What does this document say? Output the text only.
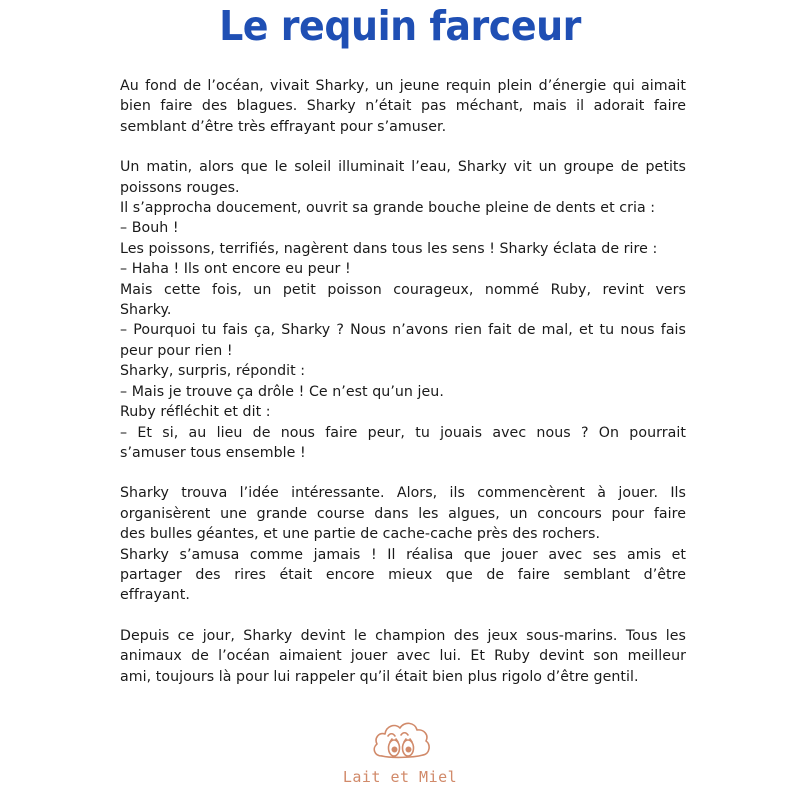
Le requin farceur
Au fond de l’océan, vivait Sharky, un jeune requin plein d’énergie qui aimait
bien faire des blagues. Sharky n’était pas méchant, mais il adorait faire
semblant d’être très effrayant pour s’amuser.
Un matin, alors que le soleil illuminait l’eau, Sharky vit un groupe de petits
poissons rouges.
Il s’approcha doucement, ouvrit sa grande bouche pleine de dents et cria :
– Bouh !
Les poissons, terrifiés, nagèrent dans tous les sens ! Sharky éclata de rire :
– Haha ! Ils ont encore eu peur !
Mais cette fois, un petit poisson courageux, nommé Ruby, revint vers
Sharky.
– Pourquoi tu fais ça, Sharky ? Nous n’avons rien fait de mal, et tu nous fais
peur pour rien !
Sharky, surpris, répondit :
– Mais je trouve ça drôle ! Ce n’est qu’un jeu.
Ruby réfléchit et dit :
– Et si, au lieu de nous faire peur, tu jouais avec nous ? On pourrait
s’amuser tous ensemble !
Sharky trouva l’idée intéressante. Alors, ils commencèrent à jouer. Ils
organisèrent une grande course dans les algues, un concours pour faire
des bulles géantes, et une partie de cache-cache près des rochers.
Sharky s’amusa comme jamais ! Il réalisa que jouer avec ses amis et
partager des rires était encore mieux que de faire semblant d’être
effrayant.
Depuis ce jour, Sharky devint le champion des jeux sous-marins. Tous les
animaux de l’océan aimaient jouer avec lui. Et Ruby devint son meilleur
ami, toujours là pour lui rappeler qu’il était bien plus rigolo d’être gentil.
Lait et Miel
